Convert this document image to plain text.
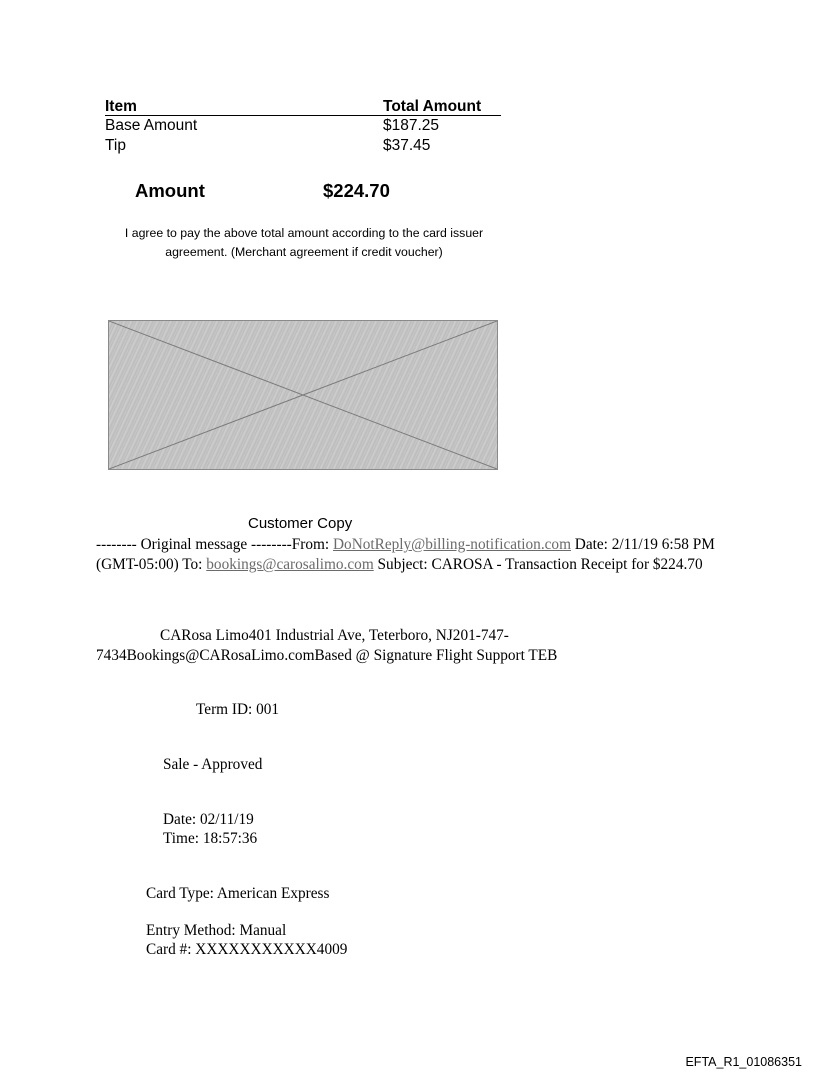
Item	Total Amount
Base Amount	$187.25
Tip	$37.45
Amount	$224.70
I agree to pay the above total amount according to the card issuer agreement. (Merchant agreement if credit voucher)
Customer Copy
-------- Original message --------From: DoNotReply@billing-notification.com Date: 2/11/19 6:58 PM (GMT-05:00) To: bookings@carosalimo.com Subject: CAROSA - Transaction Receipt for $224.70
CARosa Limo401 Industrial Ave, Teterboro, NJ201-747-7434Bookings@CARosaLimo.comBased @ Signature Flight Support TEB
Term ID: 001
Sale - Approved
Date: 02/11/19
Time: 18:57:36
Card Type: American Express
Entry Method: Manual
Card #: XXXXXXXXXXX4009
EFTA_R1_01086351
